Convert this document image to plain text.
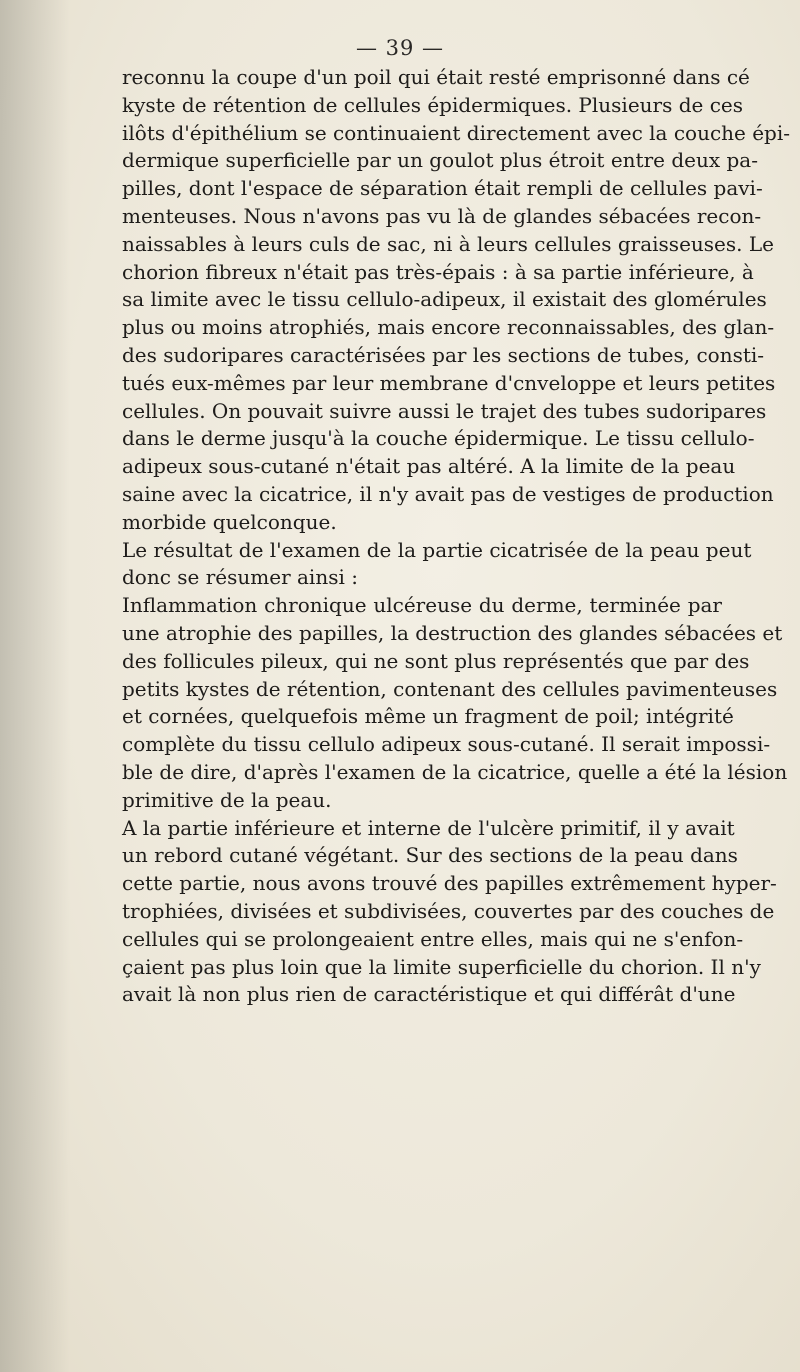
— 39 —
reconnu la coupe d'un poil qui était resté emprisonné dans cé
kyste de rétention de cellules épidermiques. Plusieurs de ces
ilôts d'épithélium se continuaient directement avec la couche épi-
dermique superficielle par un goulot plus étroit entre deux pa-
pilles, dont l'espace de séparation était rempli de cellules pavi-
menteuses. Nous n'avons pas vu là de glandes sébacées recon-
naissables à leurs culs de sac, ni à leurs cellules graisseuses. Le
chorion fibreux n'était pas très-épais : à sa partie inférieure, à
sa limite avec le tissu cellulo-adipeux, il existait des glomérules
plus ou moins atrophiés, mais encore reconnaissables, des glan-
des sudoripares caractérisées par les sections de tubes, consti-
tués eux-mêmes par leur membrane d'cnveloppe et leurs petites
cellules. On pouvait suivre aussi le trajet des tubes sudoripares
dans le derme jusqu'à la couche épidermique. Le tissu cellulo-
adipeux sous-cutané n'était pas altéré. A la limite de la peau
saine avec la cicatrice, il n'y avait pas de vestiges de production
morbide quelconque.
Le résultat de l'examen de la partie cicatrisée de la peau peut
donc se résumer ainsi :
Inflammation chronique ulcéreuse du derme, terminée par
une atrophie des papilles, la destruction des glandes sébacées et
des follicules pileux, qui ne sont plus représentés que par des
petits kystes de rétention, contenant des cellules pavimenteuses
et cornées, quelquefois même un fragment de poil; intégrité
complète du tissu cellulo adipeux sous-cutané. Il serait impossi-
ble de dire, d'après l'examen de la cicatrice, quelle a été la lésion
primitive de la peau.
A la partie inférieure et interne de l'ulcère primitif, il y avait
un rebord cutané végétant. Sur des sections de la peau dans
cette partie, nous avons trouvé des papilles extrêmement hyper-
trophiées, divisées et subdivisées, couvertes par des couches de
cellules qui se prolongeaient entre elles, mais qui ne s'enfon-
çaient pas plus loin que la limite superficielle du chorion. Il n'y
avait là non plus rien de caractéristique et qui différât d'une
